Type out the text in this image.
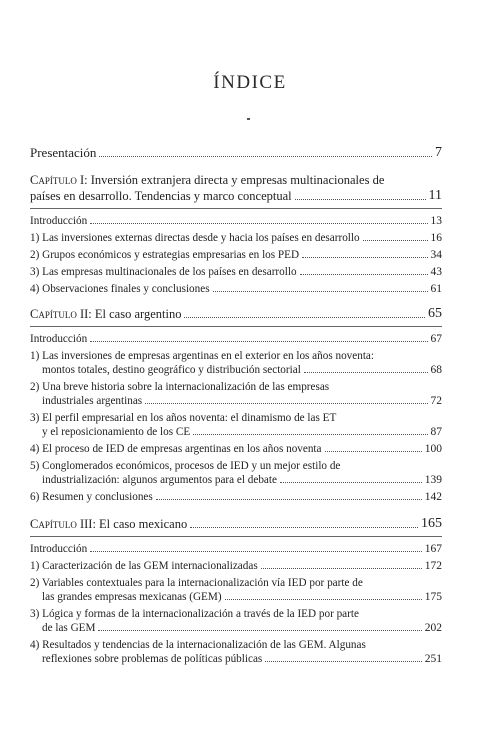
ÍNDICE
Presentación	7
Capítulo I: Inversión extranjera directa y empresas multinacionales de
países en desarrollo. Tendencias y marco conceptual	11
Introducción	13
1) Las inversiones externas directas desde y hacia los países en desarrollo	16
2) Grupos económicos y estrategias empresarias en los PED	34
3) Las empresas multinacionales de los países en desarrollo	43
4) Observaciones finales y conclusiones	61
Capítulo II: El caso argentino	65
Introducción	67
1) Las inversiones de empresas argentinas en el exterior en los años noventa:
montos totales, destino geográfico y distribución sectorial	68
2) Una breve historia sobre la internacionalización de las empresas
industriales argentinas	72
3) El perfil empresarial en los años noventa: el dinamismo de las ET
y el reposicionamiento de los CE	87
4) El proceso de IED de empresas argentinas en los años noventa	100
5) Conglomerados económicos, procesos de IED y un mejor estilo de
industrialización: algunos argumentos para el debate	139
6) Resumen y conclusiones	142
Capítulo III: El caso mexicano	165
Introducción	167
1) Caracterización de las GEM internacionalizadas	172
2) Variables contextuales para la internacionalización vía IED por parte de
las grandes empresas mexicanas (GEM)	175
3) Lógica y formas de la internacionalización a través de la IED por parte
de las GEM	202
4) Resultados y tendencias de la internacionalización de las GEM. Algunas
reflexiones sobre problemas de políticas públicas	251
